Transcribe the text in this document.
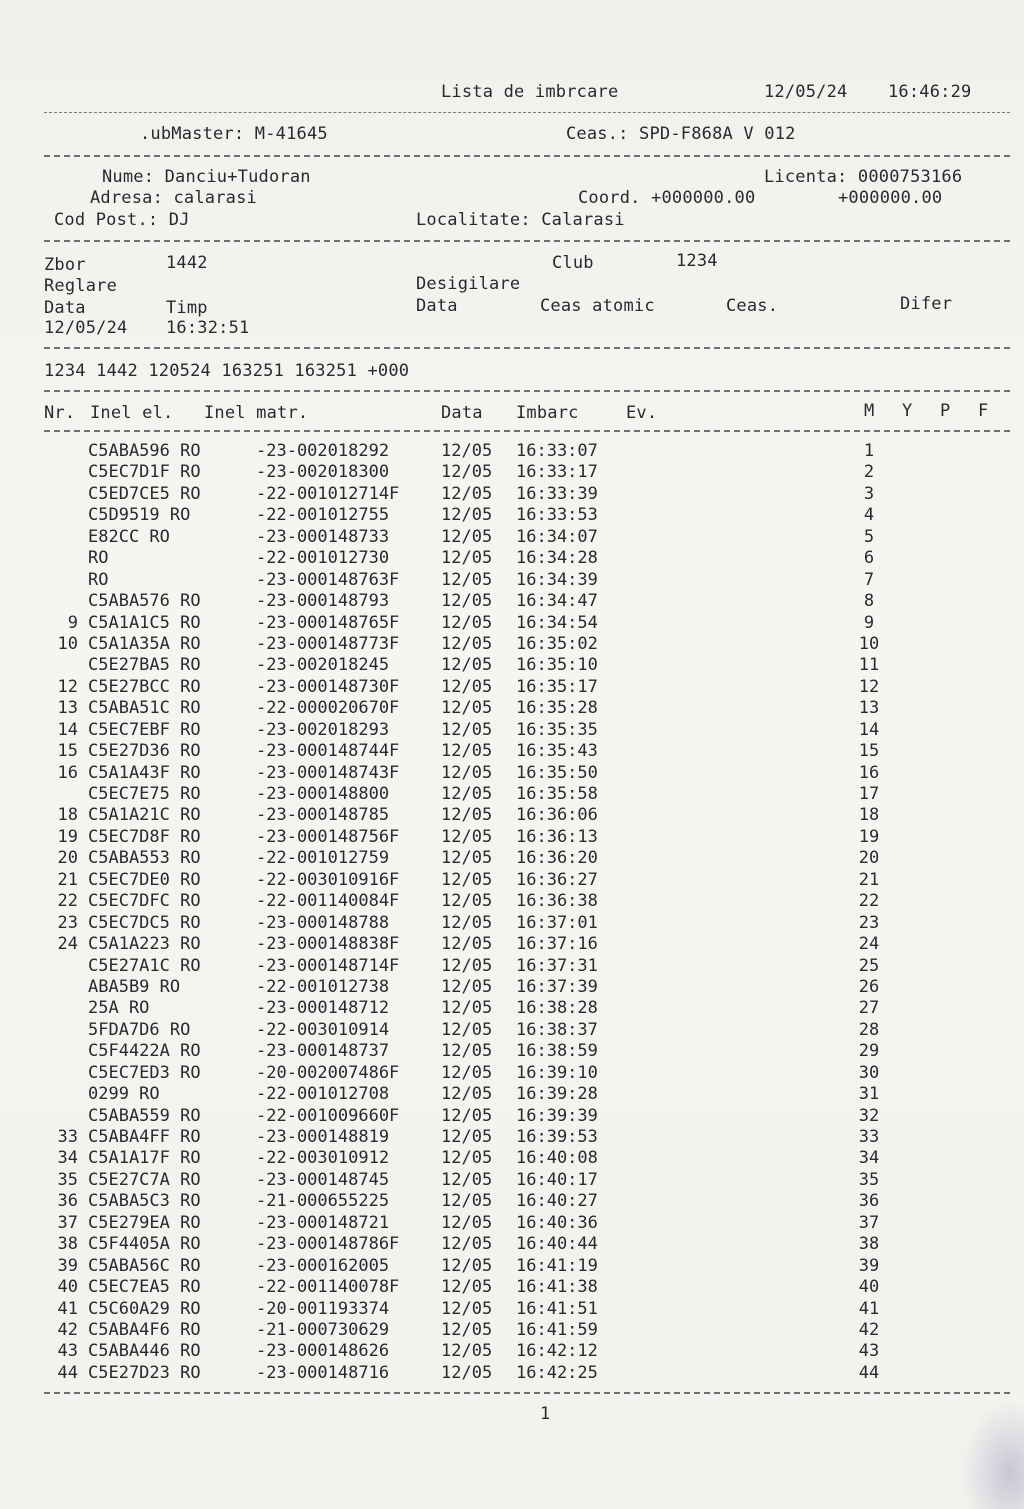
Lista de imbrcare	12/05/24 16:46:29
.ubMaster: M-41645	Ceas.: SPD-F868A V 012
Nume: Danciu+Tudoran	Licenta: 0000753166
Adresa: calarasi	Coord. +000000.00	+000000.00
Cod Post.: DJ	Localitate: Calarasi
Zbor	1442	Club	1234
Reglare	Desigilare
Data	Timp	Data	Ceas atomic	Ceas.	Difer
12/05/24 16:32:51
1234 1442 120524 163251 163251 +000
Nr. Inel el. Inel matr.	Data Imbarc	Ev.	M Y P F
C5ABA596 RO	-23-002018292	12/05 16:33:07	1
C5EC7D1F RO	-23-002018300	12/05 16:33:17	2
C5ED7CE5 RO	-22-001012714F 12/05 16:33:39	3
C5D9519 RO	-22-001012755	12/05 16:33:53	4
E82CC RO	-23-000148733	12/05 16:34:07	5
RO	-22-001012730	12/05 16:34:28	6
RO	-23-000148763F 12/05 16:34:39	7
C5ABA576 RO	-23-000148793	12/05 16:34:47	8
9 C5A1A1C5 RO	-23-000148765F 12/05 16:34:54	9
10 C5A1A35A RO	-23-000148773F 12/05 16:35:02	10
C5E27BA5 RO	-23-002018245	12/05 16:35:10	11
12 C5E27BCC RO	-23-000148730F 12/05 16:35:17	12
13 C5ABA51C RO	-22-000020670F 12/05 16:35:28	13
14 C5EC7EBF RO	-23-002018293	12/05 16:35:35	14
15 C5E27D36 RO	-23-000148744F 12/05 16:35:43	15
16 C5A1A43F RO	-23-000148743F 12/05 16:35:50	16
C5EC7E75 RO	-23-000148800	12/05 16:35:58	17
18 C5A1A21C RO	-23-000148785	12/05 16:36:06	18
19 C5EC7D8F RO	-23-000148756F 12/05 16:36:13	19
20 C5ABA553 RO	-22-001012759	12/05 16:36:20	20
21 C5EC7DE0 RO	-22-003010916F 12/05 16:36:27	21
22 C5EC7DFC RO	-22-001140084F 12/05 16:36:38	22
23 C5EC7DC5 RO	-23-000148788	12/05 16:37:01	23
24 C5A1A223 RO	-23-000148838F 12/05 16:37:16	24
C5E27A1C RO	-23-000148714F 12/05 16:37:31	25
ABA5B9 RO	-22-001012738	12/05 16:37:39	26
25A RO	-23-000148712	12/05 16:38:28	27
5FDA7D6 RO	-22-003010914	12/05 16:38:37	28
C5F4422A RO	-23-000148737	12/05 16:38:59	29
C5EC7ED3 RO	-20-002007486F 12/05 16:39:10	30
0299 RO	-22-001012708	12/05 16:39:28	31
C5ABA559 RO	-22-001009660F 12/05 16:39:39	32
33 C5ABA4FF RO	-23-000148819	12/05 16:39:53	33
34 C5A1A17F RO	-22-003010912	12/05 16:40:08	34
35 C5E27C7A RO	-23-000148745	12/05 16:40:17	35
36 C5ABA5C3 RO	-21-000655225	12/05 16:40:27	36
37 C5E279EA RO	-23-000148721	12/05 16:40:36	37
38 C5F4405A RO	-23-000148786F 12/05 16:40:44	38
39 C5ABA56C RO	-23-000162005	12/05 16:41:19	39
40 C5EC7EA5 RO	-22-001140078F 12/05 16:41:38	40
41 C5C60A29 RO	-20-001193374	12/05 16:41:51	41
42 C5ABA4F6 RO	-21-000730629	12/05 16:41:59	42
43 C5ABA446 RO	-23-000148626	12/05 16:42:12	43
44 C5E27D23 RO	-23-000148716	12/05 16:42:25	44
1
